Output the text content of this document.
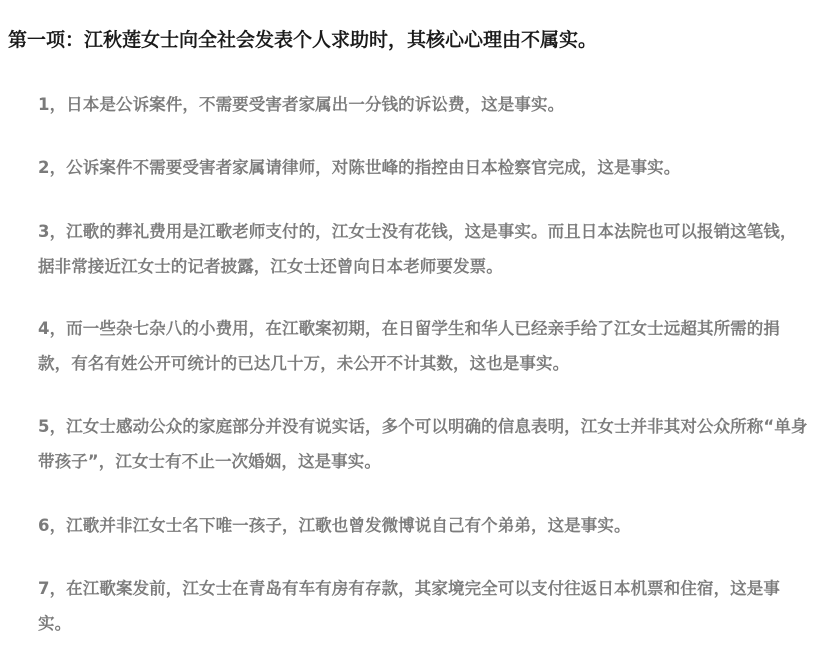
第一项：江秋莲女士向全社会发表个人求助时，其核心心理由不属实。
1，日本是公诉案件，不需要受害者家属出一分钱的诉讼费，这是事实。
2，公诉案件不需要受害者家属请律师，对陈世峰的指控由日本检察官完成，这是事实。
3，江歌的葬礼费用是江歌老师支付的，江女士没有花钱，这是事实。而且日本法院也可以报销这笔钱，据非常接近江女士的记者披露，江女士还曾向日本老师要发票。
4，而一些杂七杂八的小费用，在江歌案初期，在日留学生和华人已经亲手给了江女士远超其所需的捐款，有名有姓公开可统计的已达几十万，未公开不计其数，这也是事实。
5，江女士感动公众的家庭部分并没有说实话，多个可以明确的信息表明，江女士并非其对公众所称“单身带孩子”，江女士有不止一次婚姻，这是事实。
6，江歌并非江女士名下唯一孩子，江歌也曾发微博说自己有个弟弟，这是事实。
7，在江歌案发前，江女士在青岛有车有房有存款，其家境完全可以支付往返日本机票和住宿，这是事实。
